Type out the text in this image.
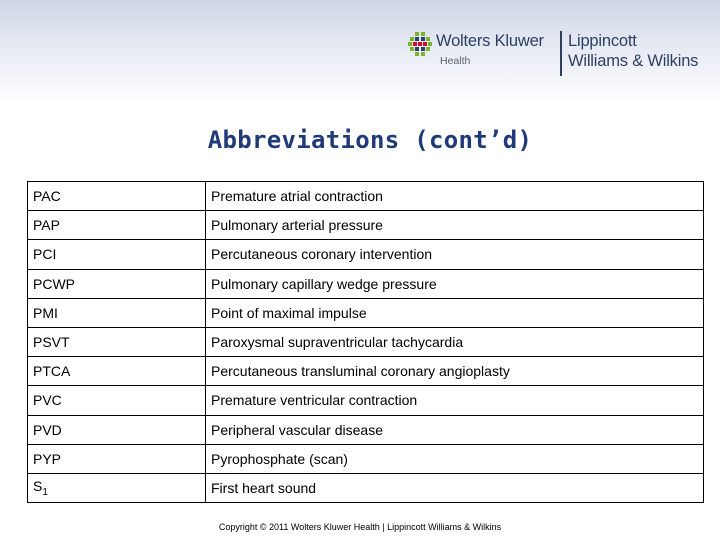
Wolters Kluwer
Health
Lippincott
Williams & Wilkins
Abbreviations (cont’d)
PAC	Premature atrial contraction
PAP	Pulmonary arterial pressure
PCI	Percutaneous coronary intervention
PCWP	Pulmonary capillary wedge pressure
PMI	Point of maximal impulse
PSVT	Paroxysmal supraventricular tachycardia
PTCA	Percutaneous transluminal coronary angioplasty
PVC	Premature ventricular contraction
PVD	Peripheral vascular disease
PYP	Pyrophosphate (scan)
$S_1$	First heart sound
Copyright © 2011 Wolters Kluwer Health | Lippincott Williams & Wilkins
